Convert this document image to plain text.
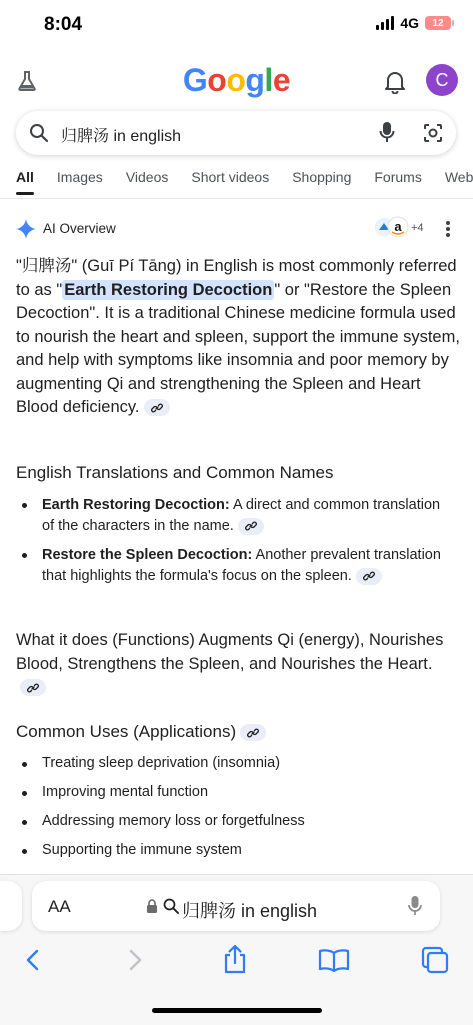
8:04	4G 12
Google	C
归脾汤 in english
All Images Videos Short videos Shopping Forums Web
AI Overview	a +4
"归脾汤" (Guī Pí Tāng) in English is most commonly referred to as " Earth Restoring Decoction " or "Restore the Spleen Decoction". It is a traditional Chinese medicine formula used to nourish the heart and spleen, support the immune system, and help with symptoms like insomnia and poor memory by augmenting Qi and strengthening the Spleen and Heart Blood deficiency.
English Translations and Common Names
Earth Restoring Decoction: A direct and common translation of the characters in the name.
Restore the Spleen Decoction: Another prevalent translation that highlights the formula's focus on the spleen.
What it does (Functions) Augments Qi (energy), Nourishes Blood, Strengthens the Spleen, and Nourishes the Heart.
Common Uses (Applications)
Treating sleep deprivation (insomnia)
Improving mental function
Addressing memory loss or forgetfulness
Supporting the immune system
AA	归脾汤 in english
